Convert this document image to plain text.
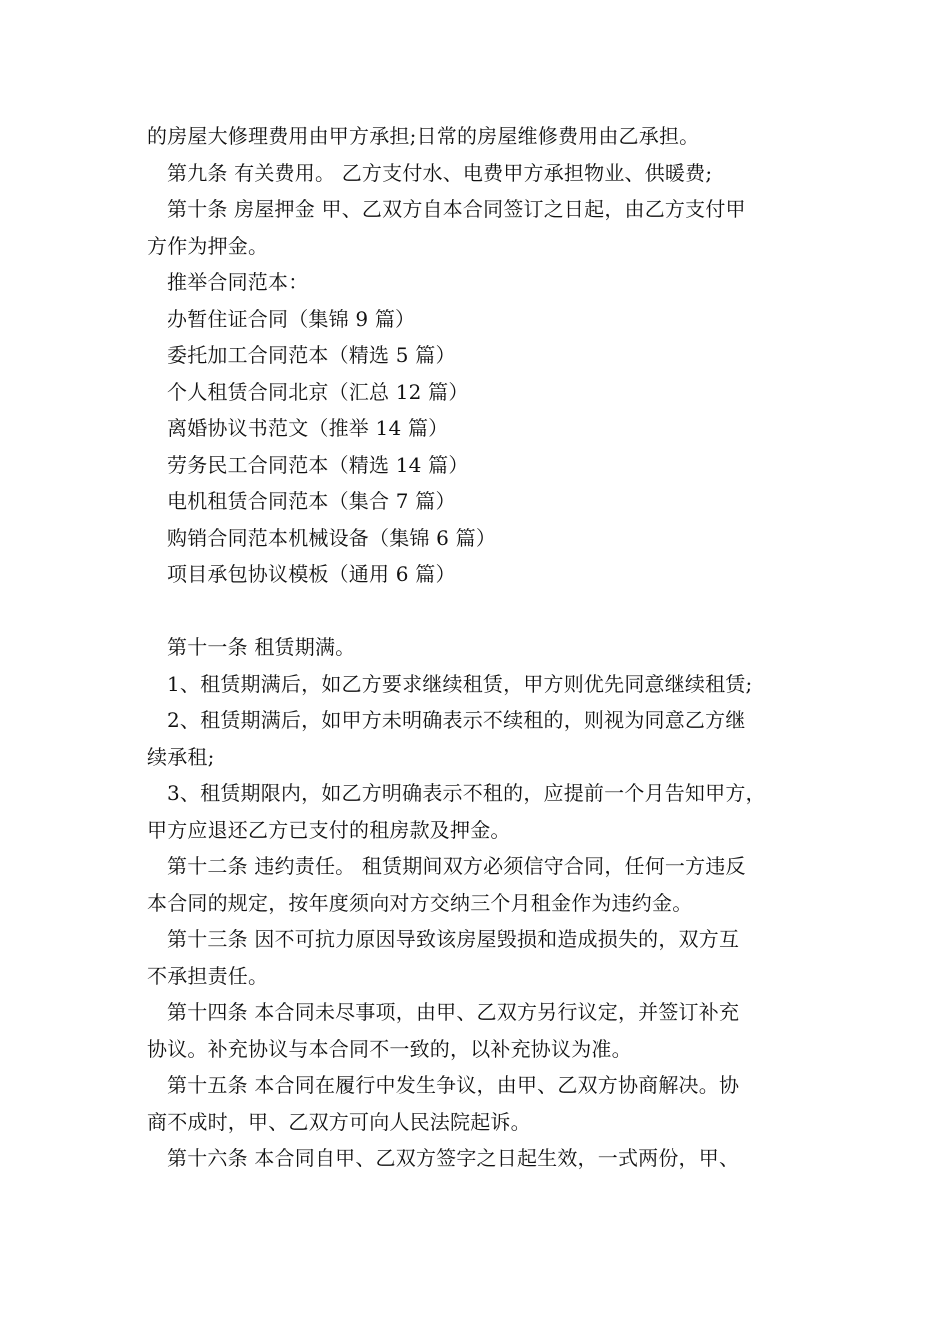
的房屋大修理费用由甲方承担;日常的房屋维修费用由乙承担。
第九条 有关费用。 乙方支付水、电费甲方承担物业、供暖费;
第十条 房屋押金 甲、乙双方自本合同签订之日起，由乙方支付甲
方作为押金。
推举合同范本：
办暂住证合同（集锦 9 篇）
委托加工合同范本（精选 5 篇）
个人租赁合同北京（汇总 12 篇）
离婚协议书范文（推举 14 篇）
劳务民工合同范本（精选 14 篇）
电机租赁合同范本（集合 7 篇）
购销合同范本机械设备（集锦 6 篇）
项目承包协议模板（通用 6 篇）
第十一条 租赁期满。
1、租赁期满后，如乙方要求继续租赁，甲方则优先同意继续租赁;
2、租赁期满后，如甲方未明确表示不续租的，则视为同意乙方继
续承租;
3、租赁期限内，如乙方明确表示不租的，应提前一个月告知甲方，
甲方应退还乙方已支付的租房款及押金。
第十二条 违约责任。 租赁期间双方必须信守合同，任何一方违反
本合同的规定，按年度须向对方交纳三个月租金作为违约金。
第十三条 因不可抗力原因导致该房屋毁损和造成损失的，双方互
不承担责任。
第十四条 本合同未尽事项，由甲、乙双方另行议定，并签订补充
协议。补充协议与本合同不一致的，以补充协议为准。
第十五条 本合同在履行中发生争议，由甲、乙双方协商解决。协
商不成时，甲、乙双方可向人民法院起诉。
第十六条 本合同自甲、乙双方签字之日起生效，一式两份，甲、
